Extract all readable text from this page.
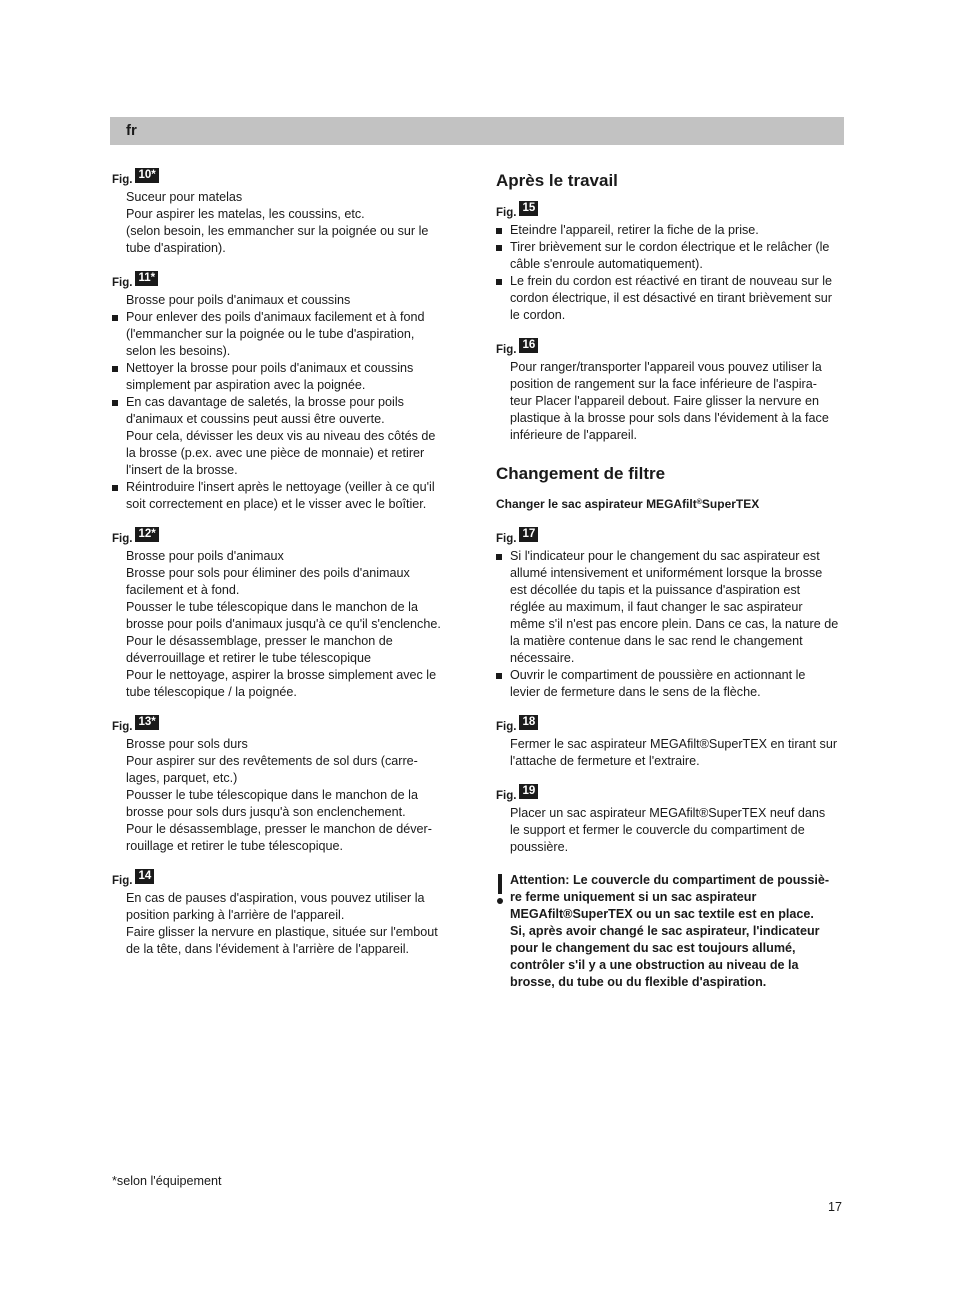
fr
Fig. 10*
Suceur pour matelas
Pour aspirer les matelas, les coussins, etc.
(selon besoin, les emmancher sur la poignée ou sur le
tube d'aspiration).
Fig. 11*
Brosse pour poils d'animaux et coussins
Pour enlever des poils d'animaux facilement et à fond
(l'emmancher sur la poignée ou le tube d'aspiration,
selon les besoins).
Nettoyer la brosse pour poils d'animaux et coussins
simplement par aspiration avec la poignée.
En cas davantage de saletés, la brosse pour poils
d'animaux et coussins peut aussi être ouverte.
Pour cela, dévisser les deux vis au niveau des côtés de
la brosse (p.ex. avec une pièce de monnaie) et retirer
l'insert de la brosse.
Réintroduire l'insert après le nettoyage (veiller à ce qu'il
soit correctement en place) et le visser avec le boîtier.
Fig. 12*
Brosse pour poils d'animaux
Brosse pour sols pour éliminer des poils d'animaux
facilement et à fond.
Pousser le tube télescopique dans le manchon de la
brosse pour poils d'animaux jusqu'à ce qu'il s'enclenche.
Pour le désassemblage, presser le manchon de
déverrouillage et retirer le tube télescopique
Pour le nettoyage, aspirer la brosse simplement avec le
tube télescopique / la poignée.
Fig. 13*
Brosse pour sols durs
Pour aspirer sur des revêtements de sol durs (carre-
lages, parquet, etc.)
Pousser le tube télescopique dans le manchon de la
brosse pour sols durs jusqu'à son enclenchement.
Pour le désassemblage, presser le manchon de déver-
rouillage et retirer le tube télescopique.
Fig. 14
En cas de pauses d'aspiration, vous pouvez utiliser la
position parking à l'arrière de l'appareil.
Faire glisser la nervure en plastique, située sur l'embout
de la tête, dans l'évidement à l'arrière de l'appareil.
Après le travail
Fig. 15
Eteindre l'appareil, retirer la fiche de la prise.
Tirer brièvement sur le cordon électrique et le relâcher (le
câble s'enroule automatiquement).
Le frein du cordon est réactivé en tirant de nouveau sur le
cordon électrique, il est désactivé en tirant brièvement sur
le cordon.
Fig. 16
Pour ranger/transporter l'appareil vous pouvez utiliser la
position de rangement sur la face inférieure de l'aspira-
teur Placer l'appareil debout. Faire glisser la nervure en
plastique à la brosse pour sols dans l'évidement à la face
inférieure de l'appareil.
Changement de filtre

Changer le sac aspirateur MEGAfilt®SuperTEX

Fig. 17
Si l'indicateur pour le changement du sac aspirateur est
allumé intensivement et uniformément lorsque la brosse
est décollée du tapis et la puissance d'aspiration est
réglée au maximum, il faut changer le sac aspirateur
même s'il n'est pas encore plein. Dans ce cas, la nature de
la matière contenue dans le sac rend le changement
nécessaire.
Ouvrir le compartiment de poussière en actionnant le
levier de fermeture dans le sens de la flèche.
Fig. 18
Fermer le sac aspirateur MEGAfilt®SuperTEX en tirant sur
l'attache de fermeture et l'extraire.
Fig. 19
Placer un sac aspirateur MEGAfilt®SuperTEX neuf dans
le support et fermer le couvercle du compartiment de
poussière.
Attention: Le couvercle du compartiment de poussiè-
re ferme uniquement si un sac aspirateur
MEGAfilt®SuperTEX ou un sac textile est en place.
Si, après avoir changé le sac aspirateur, l'indicateur
pour le changement du sac est toujours allumé,
contrôler s'il y a une obstruction au niveau de la
brosse, du tube ou du flexible d'aspiration.
*selon l'équipement
17
